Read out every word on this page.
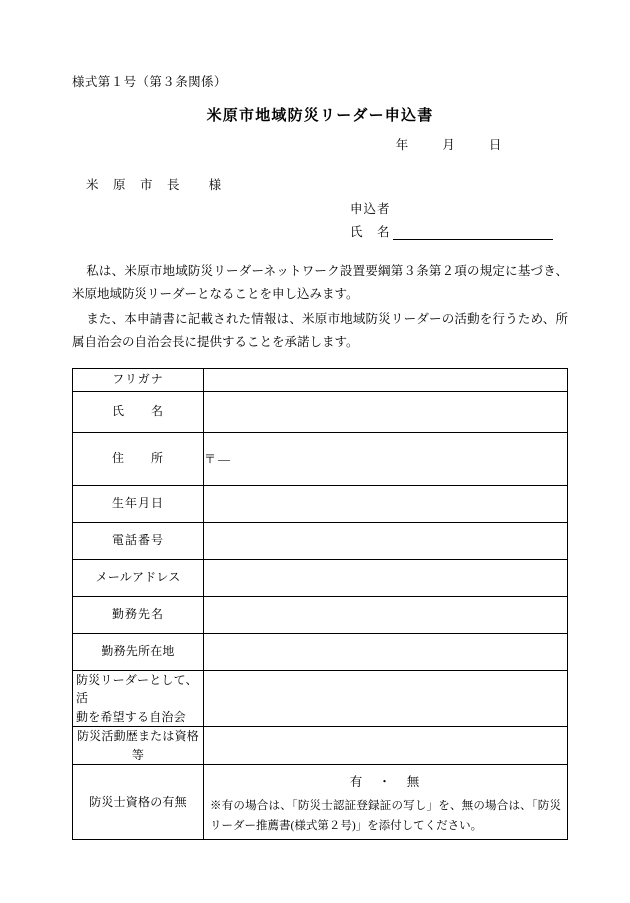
様式第１号（第３条関係）
米原市地域防災リーダー申込書
年	月	日
米　原　市　長 様
申込者
氏　名
私は、米原市地域防災リーダーネットワーク設置要綱第３条第２項の規定に基づき、米原地域防災リーダーとなることを申し込みます。
また、本申請書に記載された情報は、米原市地域防災リーダーの活動を行うため、所属自治会の自治会長に提供することを承諾します。
フリガナ	
氏　　名	
住　　所	〒―
生年月日	
電話番号	
メールアドレス	
勤務先名	
勤務先所在地	

防災リーダーとして、活
動を希望する自治会	

防災活動歴または資格等	
防災士資格の有無	有 ・ 無
※有の場合は、「防災士認証登録証の写し」を、無の場合は、「防災リーダー推薦書(様式第２号)」を添付してください。
